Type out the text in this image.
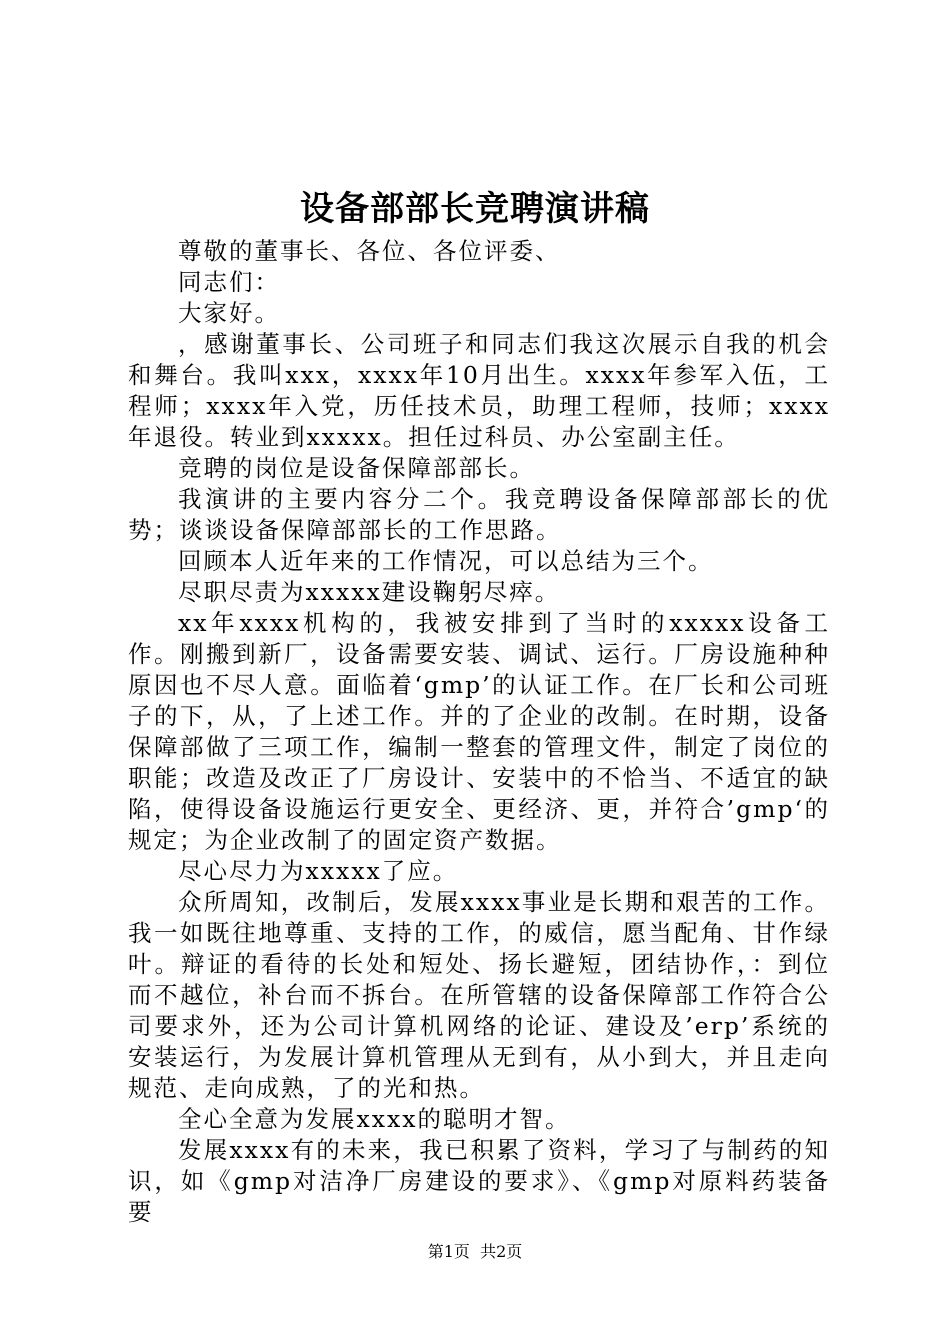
设备部部长竞聘演讲稿

尊敬的董事长、各位、各位评委、

同志们：

大家好。

，感谢董事长、公司班子和同志们我这次展示自我的机会和舞台。我叫xxx，xxxx年10月出生。xxxx年参军入伍，工程师；xxxx年入党，历任技术员，助理工程师，技师；xxxx年退役。转业到xxxxx。担任过科员、办公室副主任。

竞聘的岗位是设备保障部部长。

我演讲的主要内容分二个。我竞聘设备保障部部长的优势；谈谈设备保障部部长的工作思路。

回顾本人近年来的工作情况，可以总结为三个。

尽职尽责为xxxxx建设鞠躬尽瘁。

xx年xxxx机构的，我被安排到了当时的xxxxx设备工作。刚搬到新厂，设备需要安装、调试、运行。厂房设施种种原因也不尽人意。面临着‘gmp’的认证工作。在厂长和公司班子的下，从，了上述工作。并的了企业的改制。在时期，设备保障部做了三项工作，编制一整套的管理文件，制定了岗位的职能；改造及改正了厂房设计、安装中的不恰当、不适宜的缺陷，使得设备设施运行更安全、更经济、更，并符合’gmp‘的规定；为企业改制了的固定资产数据。

尽心尽力为xxxxx了应。

众所周知，改制后，发展xxxx事业是长期和艰苦的工作。我一如既往地尊重、支持的工作，的威信，愿当配角、甘作绿叶。辩证的看待的长处和短处、扬长避短，团结协作，：到位而不越位，补台而不拆台。在所管辖的设备保障部工作符合公司要求外，还为公司计算机网络的论证、建设及’erp’系统的安装运行，为发展计算机管理从无到有，从小到大，并且走向规范、走向成熟，了的光和热。

全心全意为发展xxxx的聪明才智。

发展xxxx有的未来，我已积累了资料，学习了与制药的知识，如《gmp对洁净厂房建设的要求》、《gmp对原料药装备要

第1页 共2页
